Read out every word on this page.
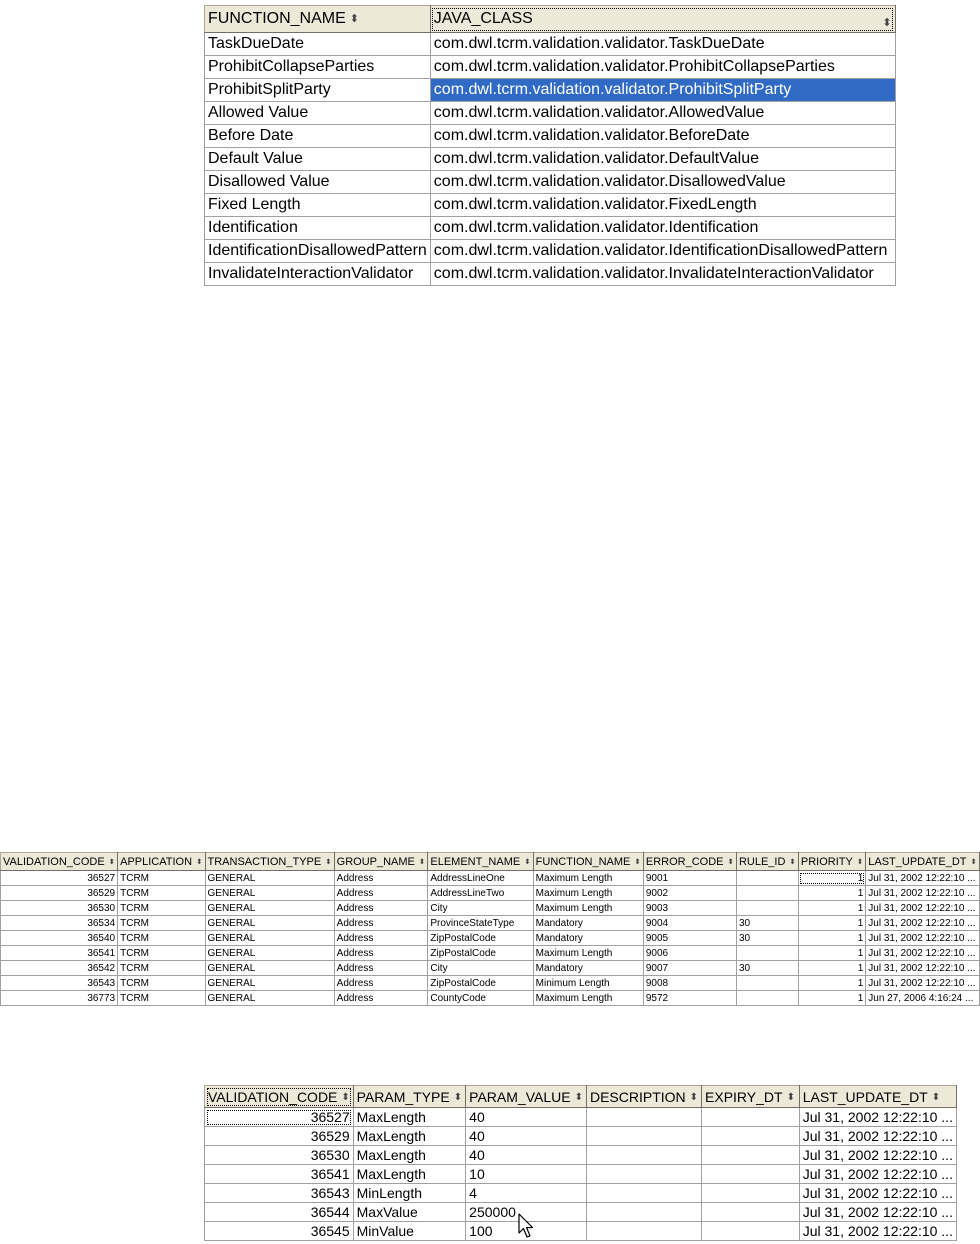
FUNCTION_NAME ⬍	JAVA_CLASS ⬍

TaskDueDate	com.dwl.tcrm.validation.validator.TaskDueDate
ProhibitCollapseParties	com.dwl.tcrm.validation.validator.ProhibitCollapseParties
ProhibitSplitParty	com.dwl.tcrm.validation.validator.ProhibitSplitParty
Allowed Value	com.dwl.tcrm.validation.validator.AllowedValue
Before Date	com.dwl.tcrm.validation.validator.BeforeDate
Default Value	com.dwl.tcrm.validation.validator.DefaultValue
Disallowed Value	com.dwl.tcrm.validation.validator.DisallowedValue
Fixed Length	com.dwl.tcrm.validation.validator.FixedLength
Identification	com.dwl.tcrm.validation.validator.Identification
IdentificationDisallowedPattern	com.dwl.tcrm.validation.validator.IdentificationDisallowedPattern
InvalidateInteractionValidator	com.dwl.tcrm.validation.validator.InvalidateInteractionValidator
VALIDATION_CODE ⬍	APPLICATION ⬍	TRANSACTION_TYPE ⬍	GROUP_NAME ⬍	ELEMENT_NAME ⬍	FUNCTION_NAME ⬍	ERROR_CODE ⬍	RULE_ID ⬍	PRIORITY ⬍	LAST_UPDATE_DT ⬍
36527	TCRM	GENERAL	Address	AddressLineOne	Maximum Length	9001		1	Jul 31, 2002 12:22:10 ...
36529	TCRM	GENERAL	Address	AddressLineTwo	Maximum Length	9002		1	Jul 31, 2002 12:22:10 ...
36530	TCRM	GENERAL	Address	City	Maximum Length	9003		1	Jul 31, 2002 12:22:10 ...
36534	TCRM	GENERAL	Address	ProvinceStateType	Mandatory	9004	30	1	Jul 31, 2002 12:22:10 ...
36540	TCRM	GENERAL	Address	ZipPostalCode	Mandatory	9005	30	1	Jul 31, 2002 12:22:10 ...
36541	TCRM	GENERAL	Address	ZipPostalCode	Maximum Length	9006		1	Jul 31, 2002 12:22:10 ...
36542	TCRM	GENERAL	Address	City	Mandatory	9007	30	1	Jul 31, 2002 12:22:10 ...
36543	TCRM	GENERAL	Address	ZipPostalCode	Minimum Length	9008		1	Jul 31, 2002 12:22:10 ...
36773	TCRM	GENERAL	Address	CountyCode	Maximum Length	9572		1	Jun 27, 2006 4:16:24 ...
VALIDATION_CODE ⬍	PARAM_TYPE ⬍	PARAM_VALUE ⬍	DESCRIPTION ⬍	EXPIRY_DT ⬍	LAST_UPDATE_DT ⬍
36527	MaxLength	40			Jul 31, 2002 12:22:10 ...
36529	MaxLength	40			Jul 31, 2002 12:22:10 ...
36530	MaxLength	40			Jul 31, 2002 12:22:10 ...
36541	MaxLength	10			Jul 31, 2002 12:22:10 ...
36543	MinLength	4			Jul 31, 2002 12:22:10 ...
36544	MaxValue	250000			Jul 31, 2002 12:22:10 ...
36545	MinValue	100			Jul 31, 2002 12:22:10 ...
